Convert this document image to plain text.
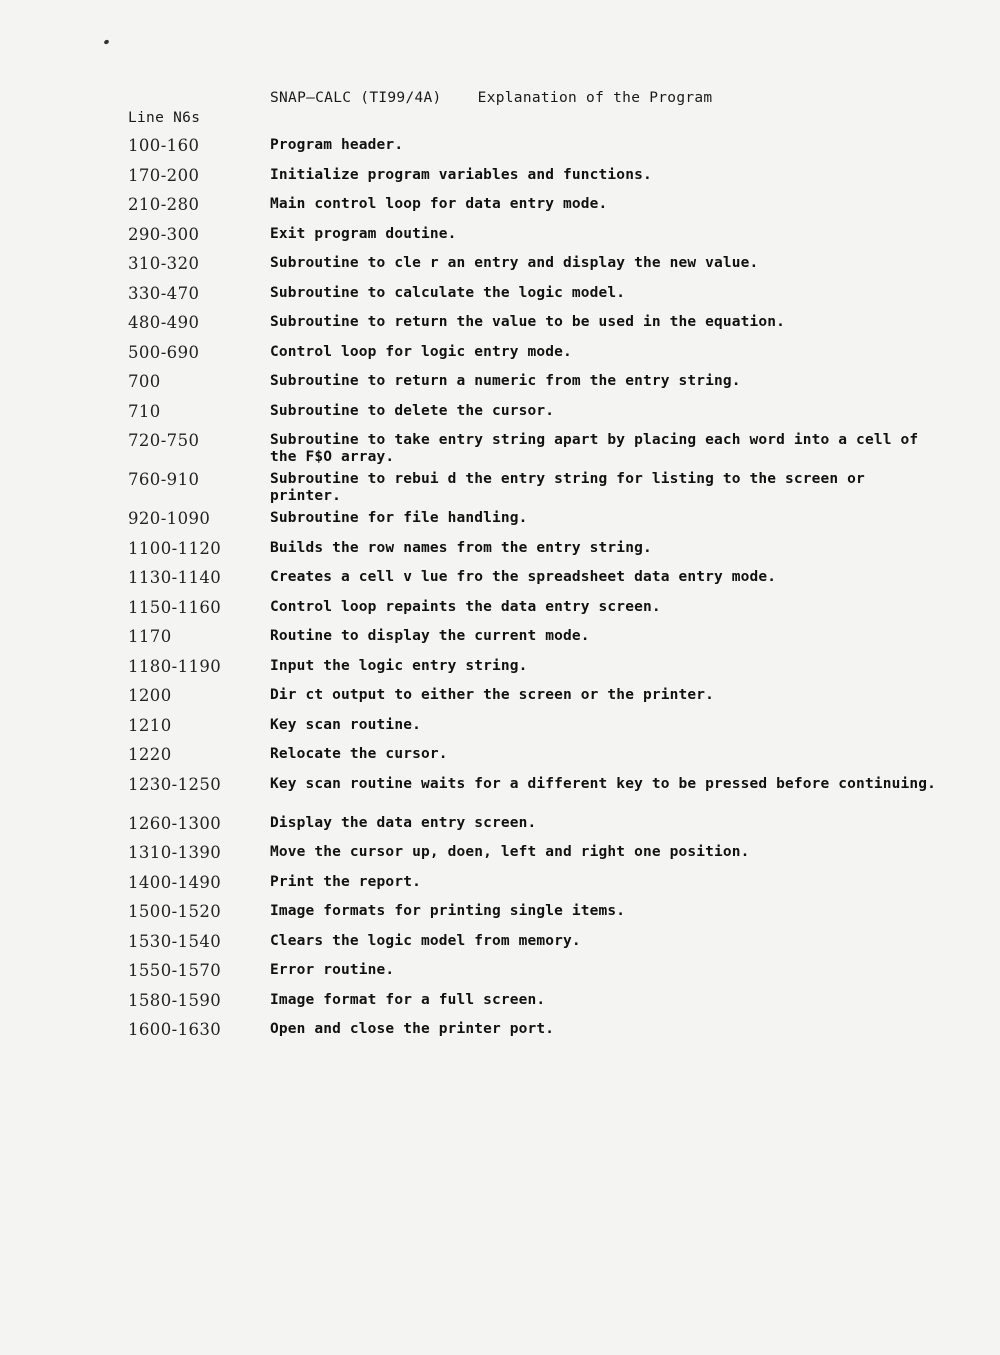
SNAP—CALC (TI99/4A)    Explanation of the Program
Line N6s
100-160	Program header.
170-200	Initialize program variables and functions.
210-280	Main control loop for data entry mode.
290-300	Exit program doutine.
310-320	Subroutine to cle r an entry and display the new value.
330-470	Subroutine to calculate the logic model.
480-490	Subroutine to return the value to be used in the equation.
500-690	Control loop for logic entry mode.
700	Subroutine to return a numeric from the entry string.
710	Subroutine to delete the cursor.
720-750	Subroutine to take entry string apart by placing each word into a cell of the F$O array.
760-910	Subroutine to rebui d the entry string for listing to the screen or printer.
920-1090	Subroutine for file handling.
1100-1120	Builds the row names from the entry string.
1130-1140	Creates a cell v lue fro the spreadsheet data entry mode.
1150-1160	Control loop repaints the data entry screen.
1170	Routine to display the current mode.
1180-1190	Input the logic entry string.
1200	Dir ct output to either the screen or the printer.
1210	Key scan routine.
1220	Relocate the cursor.
1230-1250	Key scan routine waits for a different key to be pressed before continuing.
1260-1300	Display the data entry screen.
1310-1390	Move the cursor up, doen, left and right one position.
1400-1490	Print the report.
1500-1520	Image formats for printing single items.
1530-1540	Clears the logic model from memory.
1550-1570	Error routine.
1580-1590	Image format for a full screen.
1600-1630	Open and close the printer port.
